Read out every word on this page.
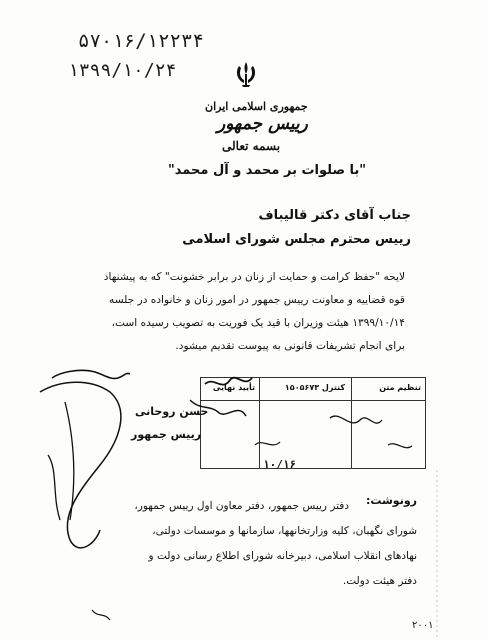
۵۷۰۱۶/۱۲۲۳۴
۱۳۹۹/۱۰/۲۴
جمهوری اسلامی ایران
رییس جمهور
بسمه تعالی
"با صلوات بر محمد و آل محمد"
جناب آقای دکتر قالیباف
رییس محترم مجلس شورای اسلامی
لایحه "حفظ کرامت و حمایت از زنان در برابر خشونت" که به پیشنهاد
قوه قضاییه و معاونت رییس جمهور در امور زنان و خانواده در جلسه
۱۳۹۹/۱۰/۱۴ هیئت وزیران با قید یک فوریت به تصویب رسیده است،
برای انجام تشریفات قانونی به پیوست تقدیم میشود.
تنظیم متن
کنترل ۱۵۰۵۶۷۳
تأیید نهایی
۱۰/۱۶
حسن روحانی
رییس جمهور
رونوشت:
دفتر رییس جمهور، دفتر معاون اول رییس جمهور،
شورای نگهبان، کلیه وزارتخانهها، سازمانها و موسسات دولتی،
نهادهای انقلاب اسلامی، دبیرخانه شورای اطلاع رسانی دولت و
دفتر هیئت دولت.
۲۰۰۱
